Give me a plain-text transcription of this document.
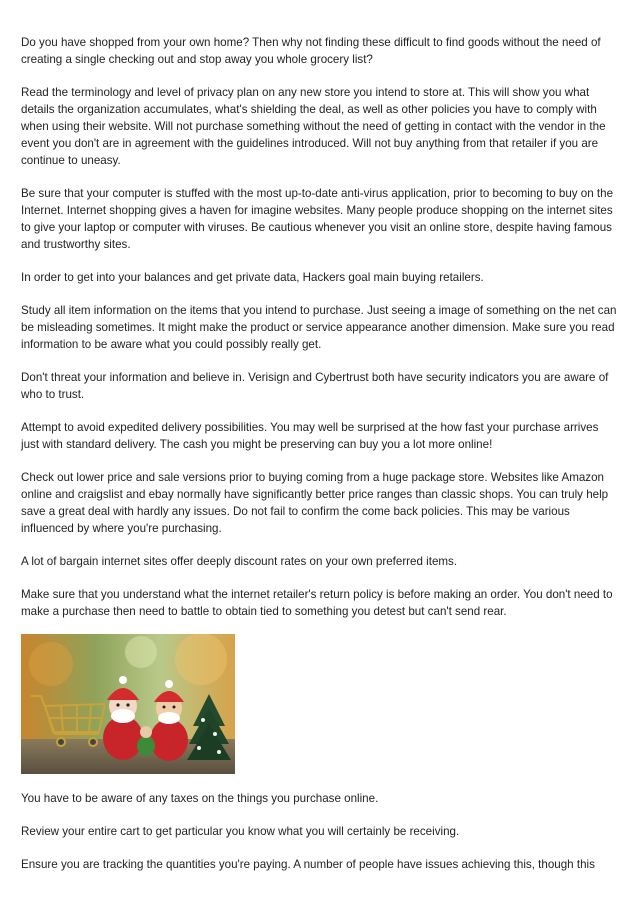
Do you have shopped from your own home? Then why not finding these difficult to find goods without the need of creating a single checking out and stop away you whole grocery list?

Read the terminology and level of privacy plan on any new store you intend to store at. This will show you what details the organization accumulates, what's shielding the deal, as well as other policies you have to comply with when using their website. Will not purchase something without the need of getting in contact with the vendor in the event you don't are in agreement with the guidelines introduced. Will not buy anything from that retailer if you are continue to uneasy.

Be sure that your computer is stuffed with the most up-to-date anti-virus application, prior to becoming to buy on the Internet. Internet shopping gives a haven for imagine websites. Many people produce shopping on the internet sites to give your laptop or computer with viruses. Be cautious whenever you visit an online store, despite having famous and trustworthy sites.

In order to get into your balances and get private data, Hackers goal main buying retailers.

Study all item information on the items that you intend to purchase. Just seeing a image of something on the net can be misleading sometimes. It might make the product or service appearance another dimension. Make sure you read information to be aware what you could possibly really get.

Don't threat your information and believe in. Verisign and Cybertrust both have security indicators you are aware of who to trust.

Attempt to avoid expedited delivery possibilities. You may well be surprised at the how fast your purchase arrives just with standard delivery. The cash you might be preserving can buy you a lot more online!

Check out lower price and sale versions prior to buying coming from a huge package store. Websites like Amazon online and craigslist and ebay normally have significantly better price ranges than classic shops. You can truly help save a great deal with hardly any issues. Do not fail to confirm the come back policies. This may be various influenced by where you're purchasing.

A lot of bargain internet sites offer deeply discount rates on your own preferred items.

Make sure that you understand what the internet retailer's return policy is before making an order. You don't need to make a purchase then need to battle to obtain tied to something you detest but can't send rear.

You have to be aware of any taxes on the things you purchase online.

Review your entire cart to get particular you know what you will certainly be receiving.

Ensure you are tracking the quantities you're paying. A number of people have issues achieving this, though this
